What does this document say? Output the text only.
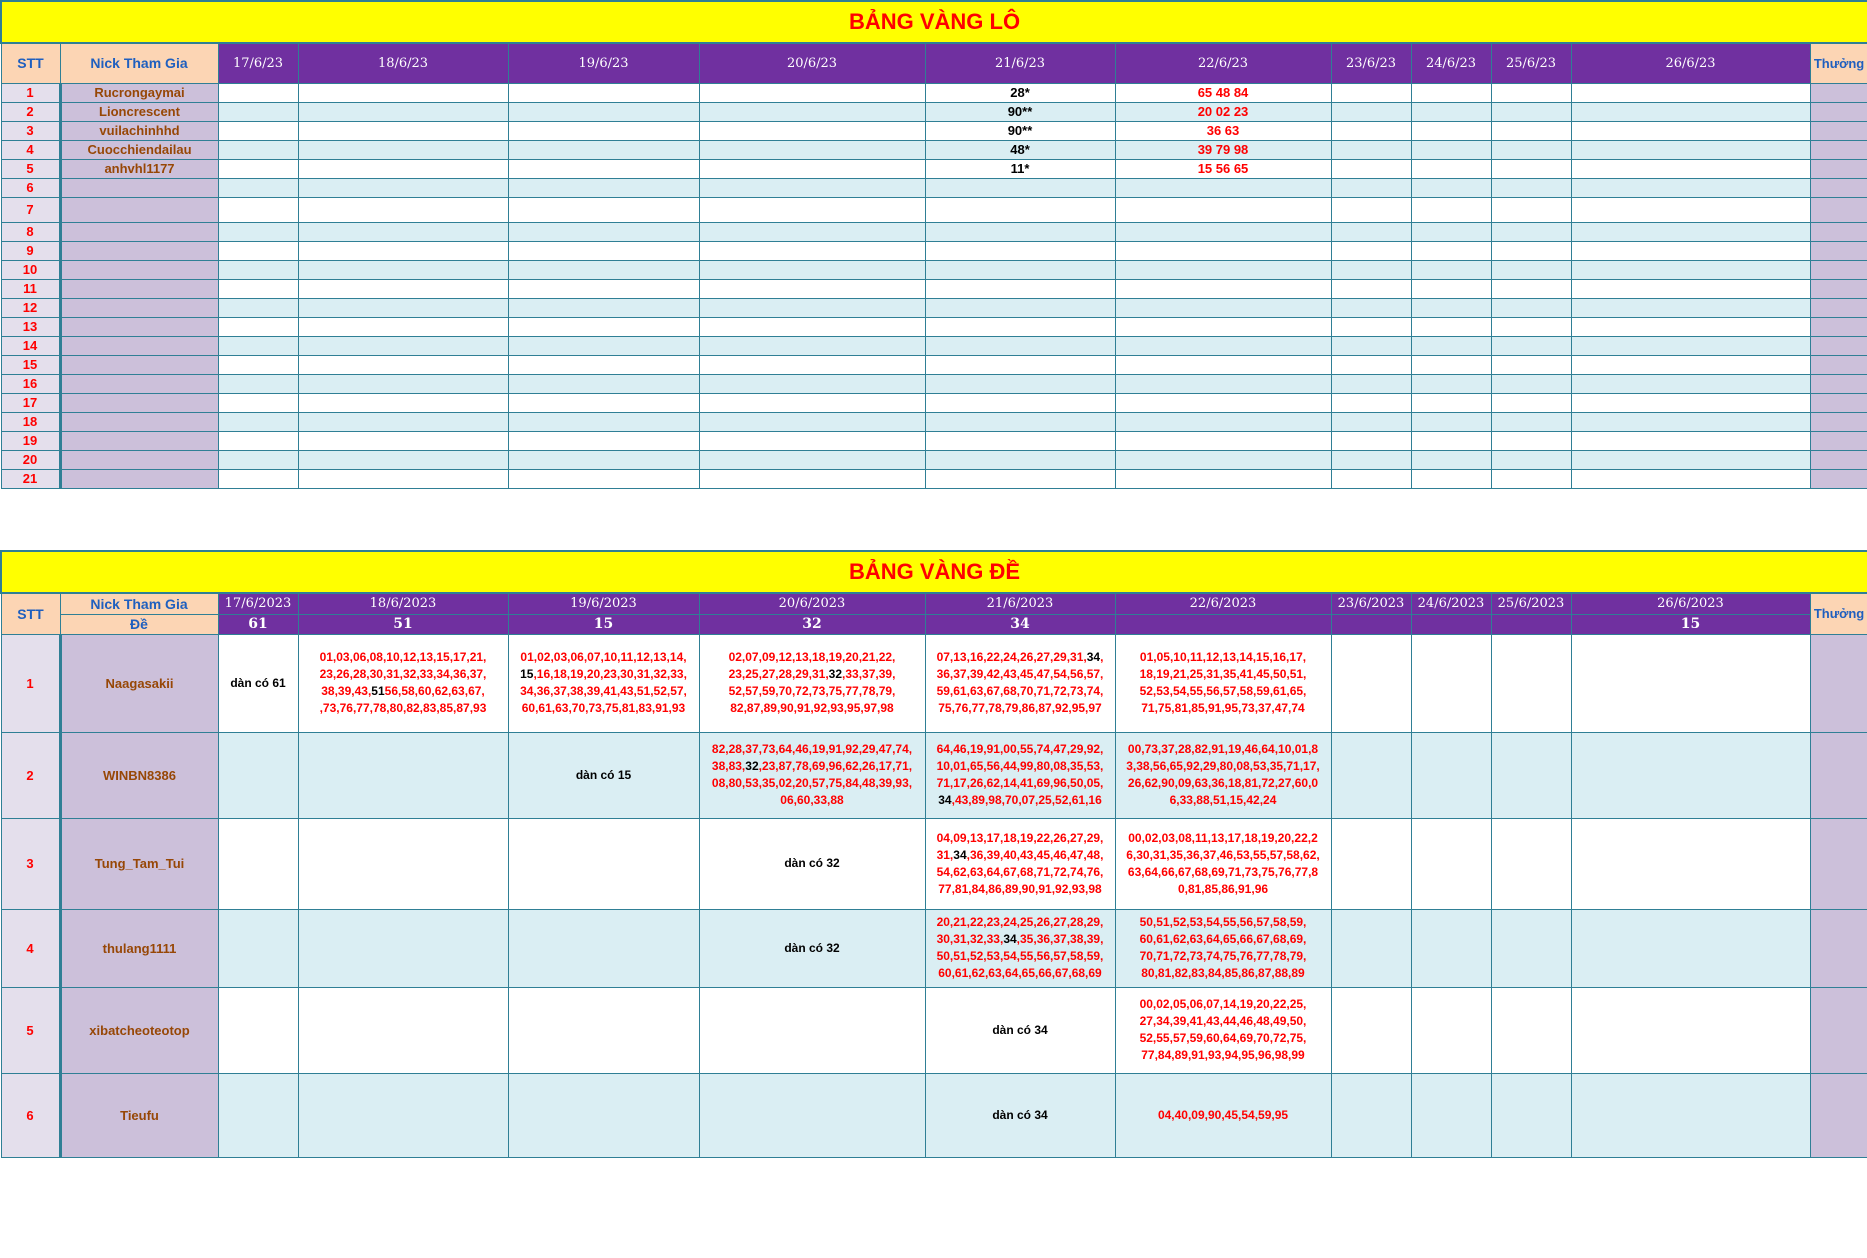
BẢNG VÀNG LÔ												
STT	Nick Tham Gia	17/6/23	18/6/23	19/6/23	20/6/23	21/6/23	22/6/23	23/6/23	24/6/23	25/6/23	26/6/23	Thưởng
1	Rucrongaymai					28*	65 48 84					
2	Lioncrescent					90**	20 02 23					
3	vuilachinhhd					90**	36 63					
4	Cuocchiendailau					48*	39 79 98					
5	anhvhl1177					11*	15 56 65					
6												
7												
8												
9												
10												
11												
12												
13												
14												
15												
16												
17												
18												
19												
20												
21												
BẢNG VÀNG ĐỀ												
STT	Nick Tham Gia	17/6/2023	18/6/2023	19/6/2023	20/6/2023	21/6/2023	22/6/2023	23/6/2023	24/6/2023	25/6/2023	26/6/2023	Thưởng
	Đề	61	51	15	32	34					15	
1	Naagasakii	dàn có 61	01,03,06,08,10,12,13,15,17,21,
23,26,28,30,31,32,33,34,36,37,
38,39,43,5156,58,60,62,63,67,
,73,76,77,78,80,82,83,85,87,93	01,02,03,06,07,10,11,12,13,14,
15,16,18,19,20,23,30,31,32,33,
34,36,37,38,39,41,43,51,52,57,
60,61,63,70,73,75,81,83,91,93	02,07,09,12,13,18,19,20,21,22,
23,25,27,28,29,31,32,33,37,39,
52,57,59,70,72,73,75,77,78,79,
82,87,89,90,91,92,93,95,97,98	07,13,16,22,24,26,27,29,31,34,
36,37,39,42,43,45,47,54,56,57,
59,61,63,67,68,70,71,72,73,74,
75,76,77,78,79,86,87,92,95,97	01,05,10,11,12,13,14,15,16,17,
18,19,21,25,31,35,41,45,50,51,
52,53,54,55,56,57,58,59,61,65,
71,75,81,85,91,95,73,37,47,74					
2	WINBN8386			dàn có 15	82,28,37,73,64,46,19,91,92,29,47,74,
38,83,32,23,87,78,69,96,62,26,17,71,
08,80,53,35,02,20,57,75,84,48,39,93,
06,60,33,88	64,46,19,91,00,55,74,47,29,92,
10,01,65,56,44,99,80,08,35,53,
71,17,26,62,14,41,69,96,50,05,
34,43,89,98,70,07,25,52,61,16	00,73,37,28,82,91,19,46,64,10,01,8
3,38,56,65,92,29,80,08,53,35,71,17,
26,62,90,09,63,36,18,81,72,27,60,0
6,33,88,51,15,42,24					
3	Tung_Tam_Tui				dàn có 32	04,09,13,17,18,19,22,26,27,29,
31,34,36,39,40,43,45,46,47,48,
54,62,63,64,67,68,71,72,74,76,
77,81,84,86,89,90,91,92,93,98	00,02,03,08,11,13,17,18,19,20,22,2
6,30,31,35,36,37,46,53,55,57,58,62,
63,64,66,67,68,69,71,73,75,76,77,8
0,81,85,86,91,96					
4	thulang1111				dàn có 32	20,21,22,23,24,25,26,27,28,29,
30,31,32,33,34,35,36,37,38,39,
50,51,52,53,54,55,56,57,58,59,
60,61,62,63,64,65,66,67,68,69	50,51,52,53,54,55,56,57,58,59,
60,61,62,63,64,65,66,67,68,69,
70,71,72,73,74,75,76,77,78,79,
80,81,82,83,84,85,86,87,88,89					
5	xibatcheoteotop					dàn có 34	00,02,05,06,07,14,19,20,22,25,
27,34,39,41,43,44,46,48,49,50,
52,55,57,59,60,64,69,70,72,75,
77,84,89,91,93,94,95,96,98,99					
6	Tieufu					dàn có 34	04,40,09,90,45,54,59,95					
